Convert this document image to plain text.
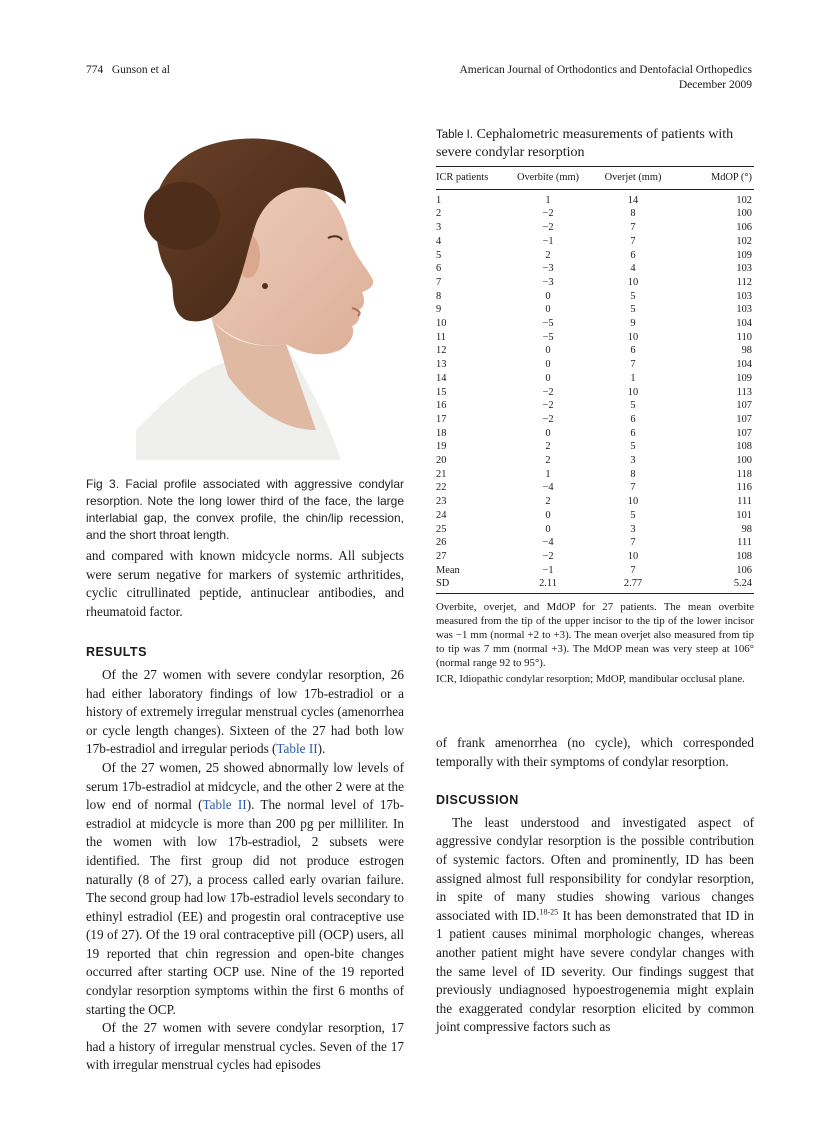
774 Gunson et al	American Journal of Orthodontics and Dentofacial Orthopedics
December 2009
Fig 3. Facial profile associated with aggressive condylar resorption. Note the long lower third of the face, the large interlabial gap, the convex profile, the chin/lip recession, and the short throat length.

and compared with known midcycle norms. All subjects were serum negative for markers of systemic arthritides, cyclic citrullinated peptide, antinuclear antibodies, and rheumatoid factor.

RESULTS

Of the 27 women with severe condylar resorption, 26 had either laboratory findings of low 17b-estradiol or a history of extremely irregular menstrual cycles (amenorrhea or cycle length changes). Sixteen of the 27 had both low 17b-estradiol and irregular periods (Table II).

Of the 27 women, 25 showed abnormally low levels of serum 17b-estradiol at midcycle, and the other 2 were at the low end of normal (Table II). The normal level of 17b-estradiol at midcycle is more than 200 pg per milliliter. In the women with low 17b-estradiol, 2 subsets were identified. The first group did not produce estrogen naturally (8 of 27), a process called early ovarian failure. The second group had low 17b-estradiol levels secondary to ethinyl estradiol (EE) and progestin oral contraceptive use (19 of 27). Of the 19 oral contraceptive pill (OCP) users, all 19 reported that chin regression and open-bite changes occurred after starting OCP use. Nine of the 19 reported condylar resorption symptoms within the first 6 months of starting the OCP.

Of the 27 women with severe condylar resorption, 17 had a history of irregular menstrual cycles. Seven of the 17 with irregular menstrual cycles had episodes

Table I. Cephalometric measurements of patients with severe condylar resorption

ICR patients	Overbite (mm)	Overjet (mm)	MdOP (°)
1	1	14	102
2	−2	8	100
3	−2	7	106
4	−1	7	102
5	2	6	109
6	−3	4	103
7	−3	10	112
8	0	5	103
9	0	5	103
10	−5	9	104
11	−5	10	110
12	0	6	98
13	0	7	104
14	0	1	109
15	−2	10	113
16	−2	5	107
17	−2	6	107
18	0	6	107
19	2	5	108
20	2	3	100
21	1	8	118
22	−4	7	116
23	2	10	111
24	0	5	101
25	0	3	98
26	−4	7	111
27	−2	10	108
Mean	−1	7	106
SD	2.11	2.77	5.24

Overbite, overjet, and MdOP for 27 patients. The mean overbite measured from the tip of the upper incisor to the tip of the lower incisor was −1 mm (normal +2 to +3). The mean overjet also measured from tip to tip was 7 mm (normal +3). The MdOP mean was very steep at 106° (normal range 92 to 95°).

ICR, Idiopathic condylar resorption; MdOP, mandibular occlusal plane.

of frank amenorrhea (no cycle), which corresponded temporally with their symptoms of condylar resorption.

DISCUSSION

The least understood and investigated aspect of aggressive condylar resorption is the possible contribution of systemic factors. Often and prominently, ID has been assigned almost full responsibility for condylar resorption, in spite of many studies showing various changes associated with ID.$^{18-25}$ It has been demonstrated that ID in 1 patient causes minimal morphologic changes, whereas another patient might have severe condylar changes with the same level of ID severity. Our findings suggest that previously undiagnosed hypoestrogenemia might explain the exaggerated condylar resorption elicited by common joint compressive factors such as
